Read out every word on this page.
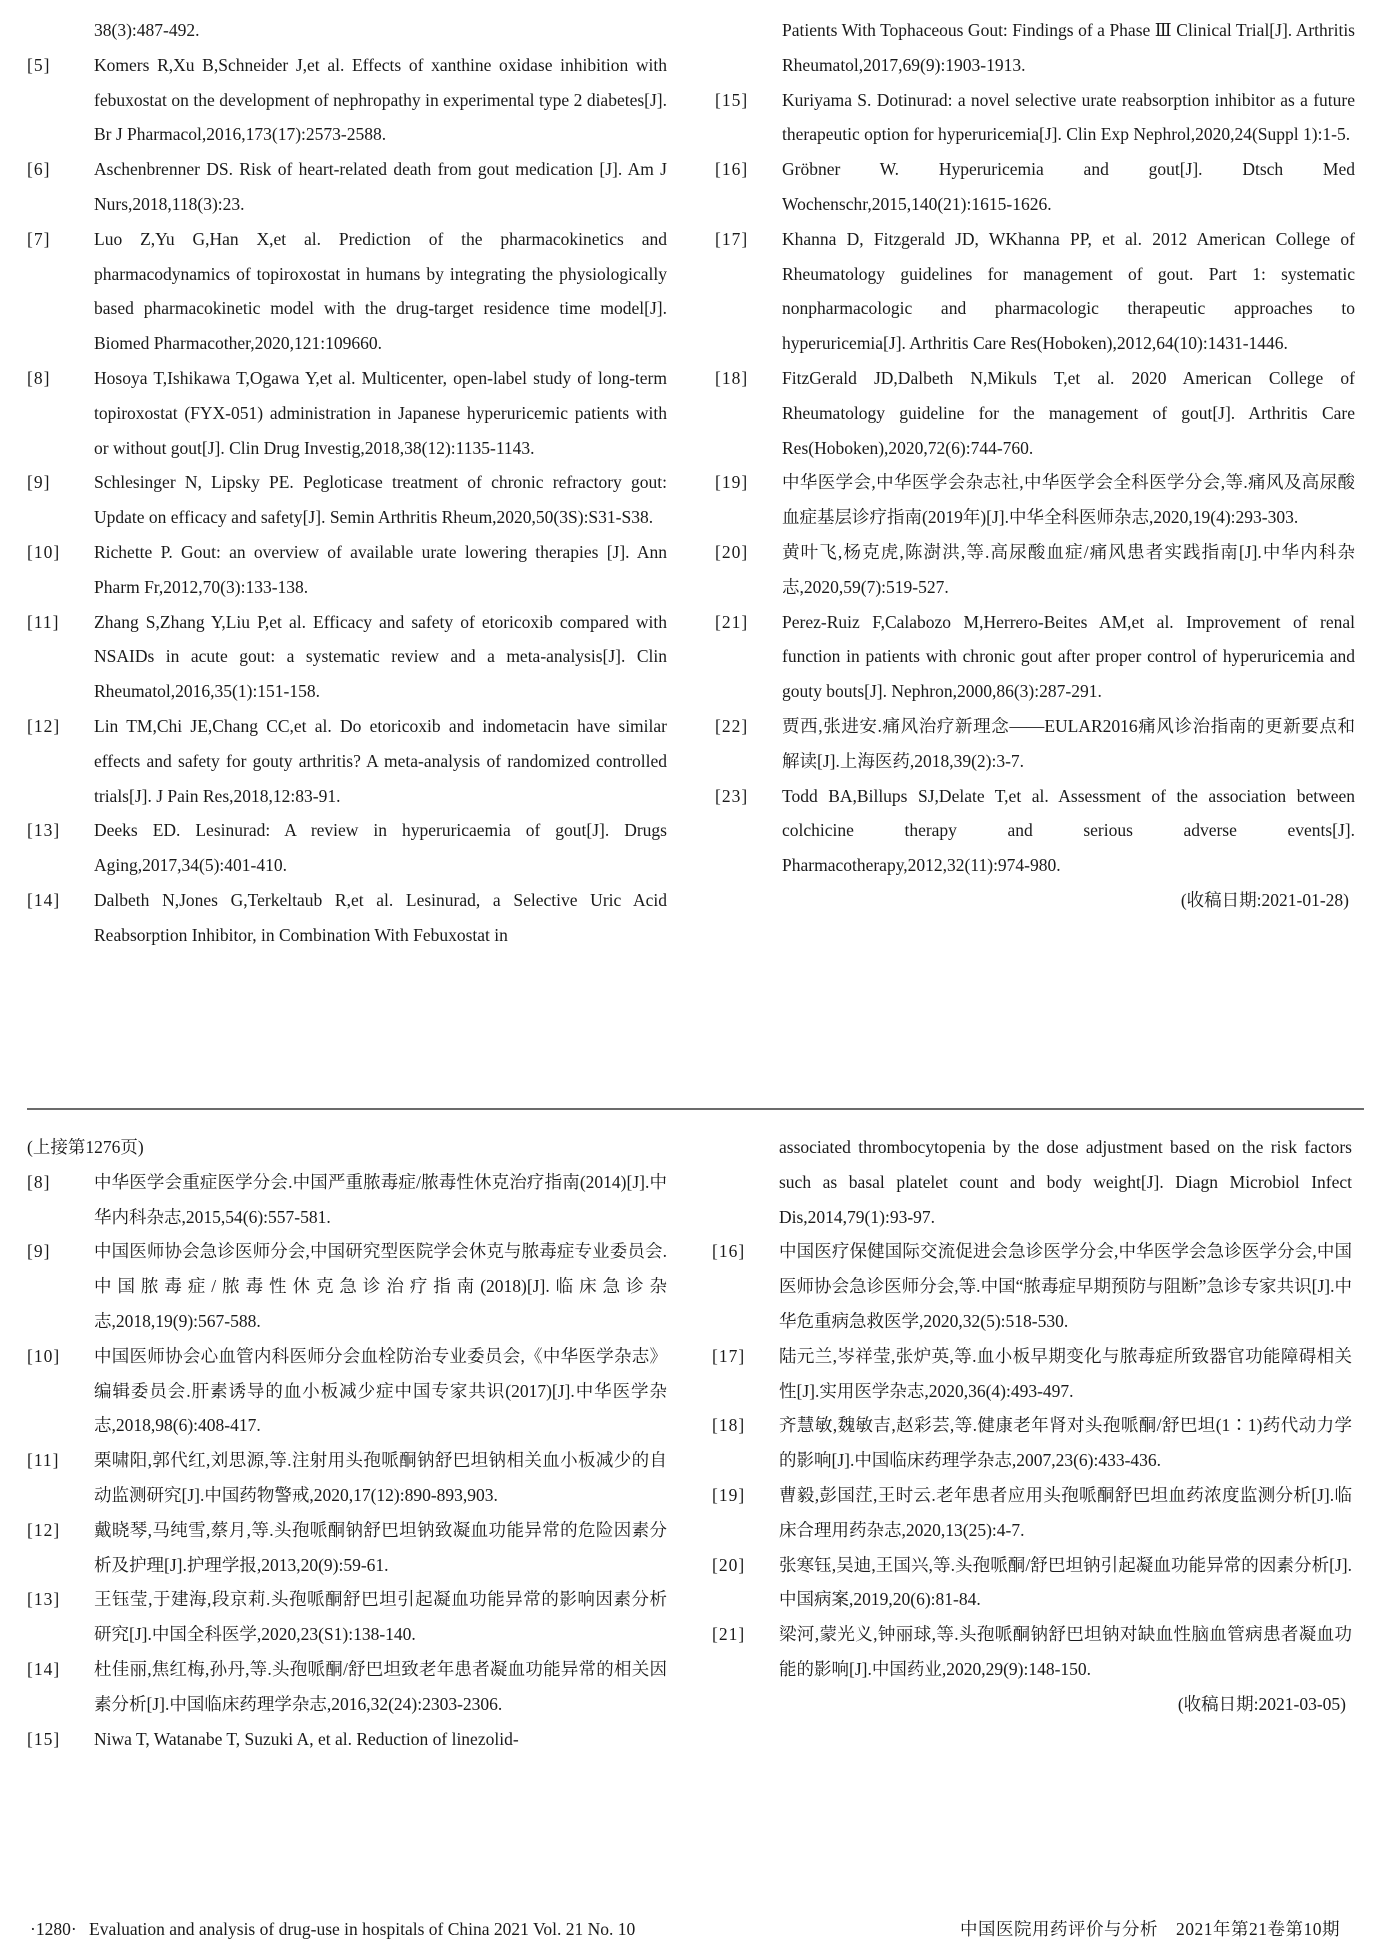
38(3):487-492.
[5]	Komers R,Xu B,Schneider J,et al. Effects of xanthine oxidase inhibition with febuxostat on the development of nephropathy in experimental type 2 diabetes[J]. Br J Pharmacol,2016,173(17):2573-2588.
[6]	Aschenbrenner DS. Risk of heart-related death from gout medication [J]. Am J Nurs,2018,118(3):23.
[7]	Luo Z,Yu G,Han X,et al. Prediction of the pharmacokinetics and pharmacodynamics of topiroxostat in humans by integrating the physiologically based pharmacokinetic model with the drug-target residence time model[J]. Biomed Pharmacother,2020,121:109660.
[8]	Hosoya T,Ishikawa T,Ogawa Y,et al. Multicenter, open-label study of long-term topiroxostat (FYX-051) administration in Japanese hyperuricemic patients with or without gout[J]. Clin Drug Investig,2018,38(12):1135-1143.
[9]	Schlesinger N, Lipsky PE. Pegloticase treatment of chronic refractory gout: Update on efficacy and safety[J]. Semin Arthritis Rheum,2020,50(3S):S31-S38.
[10]	Richette P. Gout: an overview of available urate lowering therapies [J]. Ann Pharm Fr,2012,70(3):133-138.
[11]	Zhang S,Zhang Y,Liu P,et al. Efficacy and safety of etoricoxib compared with NSAIDs in acute gout: a systematic review and a meta-analysis[J]. Clin Rheumatol,2016,35(1):151-158.
[12]	Lin TM,Chi JE,Chang CC,et al. Do etoricoxib and indometacin have similar effects and safety for gouty arthritis? A meta-analysis of randomized controlled trials[J]. J Pain Res,2018,12:83-91.
[13]	Deeks ED. Lesinurad: A review in hyperuricaemia of gout[J]. Drugs Aging,2017,34(5):401-410.
[14]	Dalbeth N,Jones G,Terkeltaub R,et al. Lesinurad, a Selective Uric Acid Reabsorption Inhibitor, in Combination With Febuxostat in
Patients With Tophaceous Gout: Findings of a Phase Ⅲ Clinical Trial[J]. Arthritis Rheumatol,2017,69(9):1903-1913.
[15]	Kuriyama S. Dotinurad: a novel selective urate reabsorption inhibitor as a future therapeutic option for hyperuricemia[J]. Clin Exp Nephrol,2020,24(Suppl 1):1-5.
[16]	Gröbner W. Hyperuricemia and gout[J]. Dtsch Med Wochenschr,2015,140(21):1615-1626.
[17]	Khanna D, Fitzgerald JD, WKhanna PP, et al. 2012 American College of Rheumatology guidelines for management of gout. Part 1: systematic nonpharmacologic and pharmacologic therapeutic approaches to hyperuricemia[J]. Arthritis Care Res(Hoboken),2012,64(10):1431-1446.
[18]	FitzGerald JD,Dalbeth N,Mikuls T,et al. 2020 American College of Rheumatology guideline for the management of gout[J]. Arthritis Care Res(Hoboken),2020,72(6):744-760.
[19]	中华医学会,中华医学会杂志社,中华医学会全科医学分会,等.痛风及高尿酸血症基层诊疗指南(2019年)[J].中华全科医师杂志,2020,19(4):293-303.
[20]	黄叶飞,杨克虎,陈澍洪,等.高尿酸血症/痛风患者实践指南[J].中华内科杂志,2020,59(7):519-527.
[21]	Perez-Ruiz F,Calabozo M,Herrero-Beites AM,et al. Improvement of renal function in patients with chronic gout after proper control of hyperuricemia and gouty bouts[J]. Nephron,2000,86(3):287-291.
[22]	贾西,张进安.痛风治疗新理念——EULAR2016痛风诊治指南的更新要点和解读[J].上海医药,2018,39(2):3-7.
[23]	Todd BA,Billups SJ,Delate T,et al. Assessment of the association between colchicine therapy and serious adverse events[J]. Pharmacotherapy,2012,32(11):974-980.
(收稿日期:2021-01-28)
(上接第1276页)
[8]	中华医学会重症医学分会.中国严重脓毒症/脓毒性休克治疗指南(2014)[J].中华内科杂志,2015,54(6):557-581.
[9]	中国医师协会急诊医师分会,中国研究型医院学会休克与脓毒症专业委员会.中国脓毒症/脓毒性休克急诊治疗指南(2018)[J].临床急诊杂志,2018,19(9):567-588.
[10]	中国医师协会心血管内科医师分会血栓防治专业委员会,《中华医学杂志》编辑委员会.肝素诱导的血小板减少症中国专家共识(2017)[J].中华医学杂志,2018,98(6):408-417.
[11]	栗啸阳,郭代红,刘思源,等.注射用头孢哌酮钠舒巴坦钠相关血小板减少的自动监测研究[J].中国药物警戒,2020,17(12):890-893,903.
[12]	戴晓琴,马纯雪,蔡月,等.头孢哌酮钠舒巴坦钠致凝血功能异常的危险因素分析及护理[J].护理学报,2013,20(9):59-61.
[13]	王钰莹,于建海,段京莉.头孢哌酮舒巴坦引起凝血功能异常的影响因素分析研究[J].中国全科医学,2020,23(S1):138-140.
[14]	杜佳丽,焦红梅,孙丹,等.头孢哌酮/舒巴坦致老年患者凝血功能异常的相关因素分析[J].中国临床药理学杂志,2016,32(24):2303-2306.
[15]	Niwa T, Watanabe T, Suzuki A, et al. Reduction of linezolid-
associated thrombocytopenia by the dose adjustment based on the risk factors such as basal platelet count and body weight[J]. Diagn Microbiol Infect Dis,2014,79(1):93-97.
[16]	中国医疗保健国际交流促进会急诊医学分会,中华医学会急诊医学分会,中国医师协会急诊医师分会,等.中国“脓毒症早期预防与阻断”急诊专家共识[J].中华危重病急救医学,2020,32(5):518-530.
[17]	陆元兰,岑祥莹,张炉英,等.血小板早期变化与脓毒症所致器官功能障碍相关性[J].实用医学杂志,2020,36(4):493-497.
[18]	齐慧敏,魏敏吉,赵彩芸,等.健康老年肾对头孢哌酮/舒巴坦(1∶1)药代动力学的影响[J].中国临床药理学杂志,2007,23(6):433-436.
[19]	曹毅,彭国茳,王时云.老年患者应用头孢哌酮舒巴坦血药浓度监测分析[J].临床合理用药杂志,2020,13(25):4-7.
[20]	张寒钰,吴迪,王国兴,等.头孢哌酮/舒巴坦钠引起凝血功能异常的因素分析[J].中国病案,2019,20(6):81-84.
[21]	梁河,蒙光义,钟丽球,等.头孢哌酮钠舒巴坦钠对缺血性脑血管病患者凝血功能的影响[J].中国药业,2020,29(9):148-150.
(收稿日期:2021-03-05)
·1280· Evaluation and analysis of drug-use in hospitals of China 2021 Vol. 21 No. 10	中国医院用药评价与分析 2021年第21卷第10期
